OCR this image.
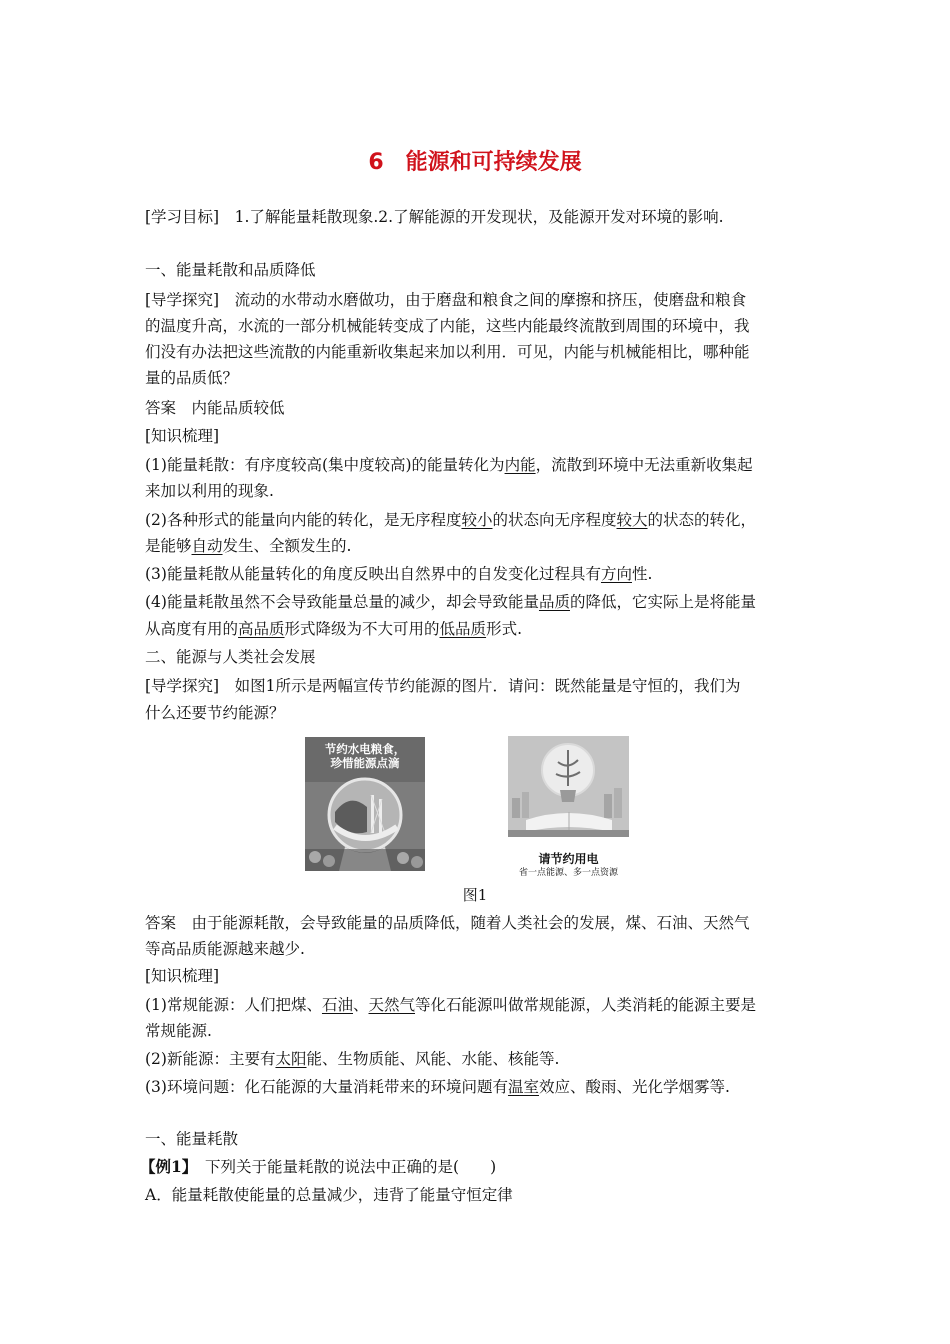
6　能源和可持续发展
[学习目标]　1.了解能量耗散现象.2.了解能源的开发现状，及能源开发对环境的影响.
一、能量耗散和品质降低
[导学探究]　流动的水带动水磨做功，由于磨盘和粮食之间的摩擦和挤压，使磨盘和粮食
的温度升高，水流的一部分机械能转变成了内能，这些内能最终流散到周围的环境中，我
们没有办法把这些流散的内能重新收集起来加以利用．可见，内能与机械能相比，哪种能
量的品质低？
答案　内能品质较低
[知识梳理]
(1)能量耗散：有序度较高(集中度较高)的能量转化为内能，流散到环境中无法重新收集起
来加以利用的现象.
(2)各种形式的能量向内能的转化，是无序程度较小的状态向无序程度较大的状态的转化，
是能够自动发生、全额发生的.
(3)能量耗散从能量转化的角度反映出自然界中的自发变化过程具有方向性.
(4)能量耗散虽然不会导致能量总量的减少，却会导致能量品质的降低，它实际上是将能量
从高度有用的高品质形式降级为不大可用的低品质形式.
二、能源与人类社会发展
[导学探究]　如图1所示是两幅宣传节约能源的图片．请问：既然能量是守恒的，我们为
什么还要节约能源？
节约水电粮食，
珍惜能源点滴
请节约用电
省一点能源、多一点资源
图1
答案　由于能源耗散，会导致能量的品质降低，随着人类社会的发展，煤、石油、天然气
等高品质能源越来越少.
[知识梳理]
(1)常规能源：人们把煤、石油、天然气等化石能源叫做常规能源，人类消耗的能源主要是
常规能源.
(2)新能源：主要有太阳能、生物质能、风能、水能、核能等.
(3)环境问题：化石能源的大量消耗带来的环境问题有温室效应、酸雨、光化学烟雾等.
一、能量耗散
【例1】　下列关于能量耗散的说法中正确的是(　　)
A．能量耗散使能量的总量减少，违背了能量守恒定律
